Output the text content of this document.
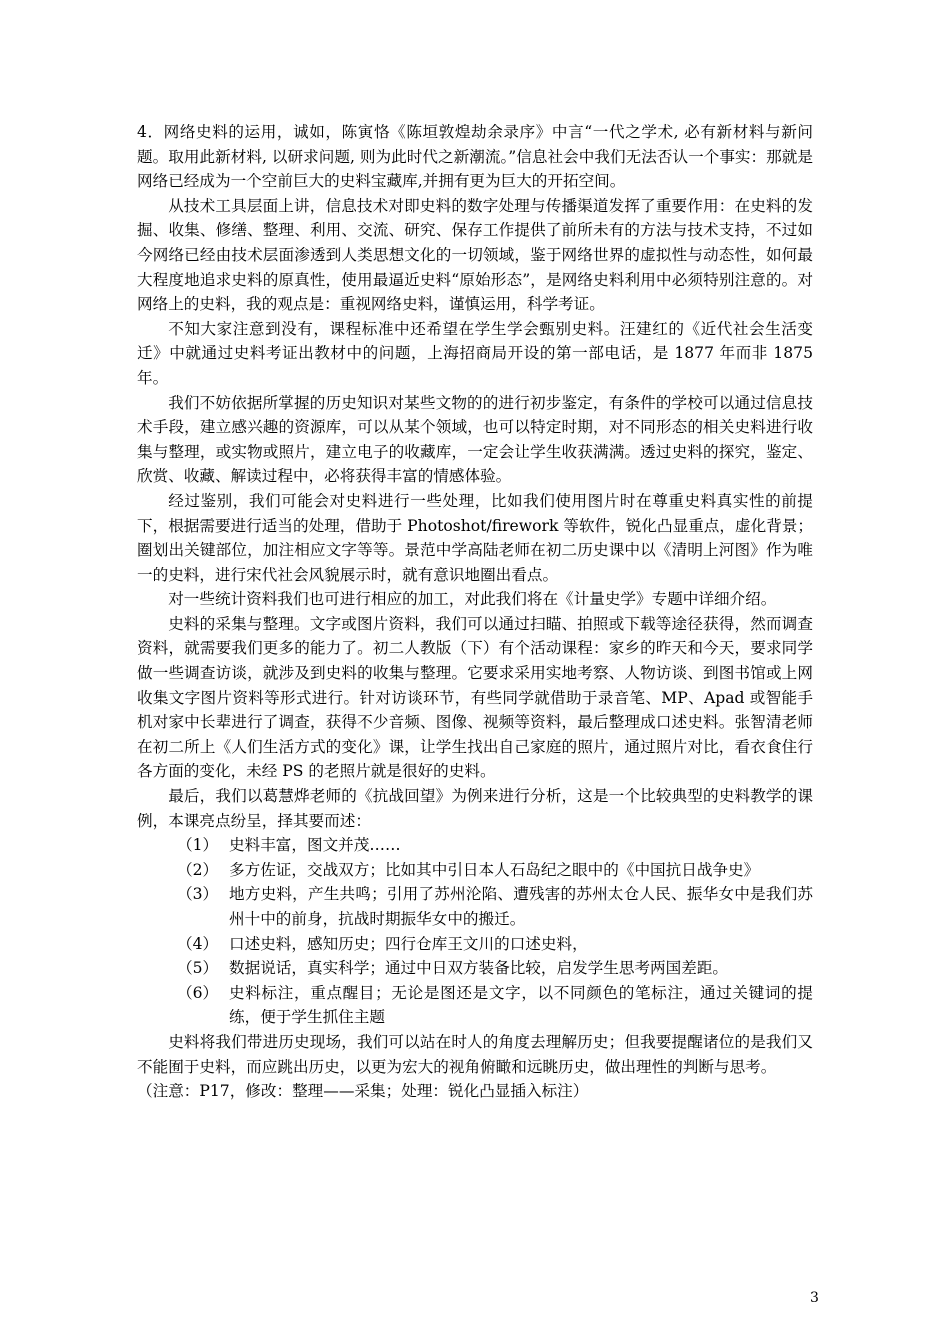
4．网络史料的运用，诚如，陈寅恪《陈垣敦煌劫余录序》中言“一代之学术, 必有新材料与新问题。取用此新材料, 以研求问题, 则为此时代之新潮流。”信息社会中我们无法否认一个事实：那就是网络已经成为一个空前巨大的史料宝藏库,并拥有更为巨大的开拓空间。

从技术工具层面上讲，信息技术对即史料的数字处理与传播渠道发挥了重要作用：在史料的发掘、收集、修缮、整理、利用、交流、研究、保存工作提供了前所未有的方法与技术支持，不过如今网络已经由技术层面渗透到人类思想文化的一切领域，鉴于网络世界的虚拟性与动态性，如何最大程度地追求史料的原真性，使用最逼近史料“原始形态”，是网络史料利用中必须特别注意的。对网络上的史料，我的观点是：重视网络史料，谨慎运用，科学考证。

不知大家注意到没有，课程标准中还希望在学生学会甄别史料。汪建红的《近代社会生活变迁》中就通过史料考证出教材中的问题，上海招商局开设的第一部电话，是 1877 年而非 1875 年。

我们不妨依据所掌握的历史知识对某些文物的的进行初步鉴定，有条件的学校可以通过信息技术手段，建立感兴趣的资源库，可以从某个领域，也可以特定时期，对不同形态的相关史料进行收集与整理，或实物或照片，建立电子的收藏库，一定会让学生收获满满。透过史料的探究，鉴定、欣赏、收藏、解读过程中，必将获得丰富的情感体验。

经过鉴别，我们可能会对史料进行一些处理，比如我们使用图片时在尊重史料真实性的前提下，根据需要进行适当的处理，借助于 Photoshot/firework 等软件，锐化凸显重点，虚化背景；圈划出关键部位，加注相应文字等等。景范中学高陆老师在初二历史课中以《清明上河图》作为唯一的史料，进行宋代社会风貌展示时，就有意识地圈出看点。

对一些统计资料我们也可进行相应的加工，对此我们将在《计量史学》专题中详细介绍。

史料的采集与整理。文字或图片资料，我们可以通过扫瞄、拍照或下载等途径获得，然而调查资料，就需要我们更多的能力了。初二人教版（下）有个活动课程：家乡的昨天和今天，要求同学做一些调查访谈，就涉及到史料的收集与整理。它要求采用实地考察、人物访谈、到图书馆或上网收集文字图片资料等形式进行。针对访谈环节，有些同学就借助于录音笔、MP、Apad 或智能手机对家中长辈进行了调查，获得不少音频、图像、视频等资料，最后整理成口述史料。张智清老师在初二所上《人们生活方式的变化》课，让学生找出自己家庭的照片，通过照片对比，看衣食住行各方面的变化，未经 PS 的老照片就是很好的史料。

最后，我们以葛慧烨老师的《抗战回望》为例来进行分析，这是一个比较典型的史料教学的课例，本课亮点纷呈，择其要而述：

（1） 史料丰富，图文并茂……
（2） 多方佐证，交战双方；比如其中引日本人石岛纪之眼中的《中国抗日战争史》
（3） 地方史料，产生共鸣；引用了苏州沦陷、遭残害的苏州太仓人民、振华女中是我们苏州十中的前身，抗战时期振华女中的搬迁。
（4） 口述史料，感知历史；四行仓库王文川的口述史料，
（5） 数据说话，真实科学；通过中日双方装备比较，启发学生思考两国差距。
（6） 史料标注，重点醒目；无论是图还是文字，以不同颜色的笔标注，通过关键词的提练，便于学生抓住主题

史料将我们带进历史现场，我们可以站在时人的角度去理解历史；但我要提醒诸位的是我们又不能囿于史料，而应跳出历史，以更为宏大的视角俯瞰和远眺历史，做出理性的判断与思考。

（注意：P17，修改：整理——采集；处理：锐化凸显插入标注）

3
